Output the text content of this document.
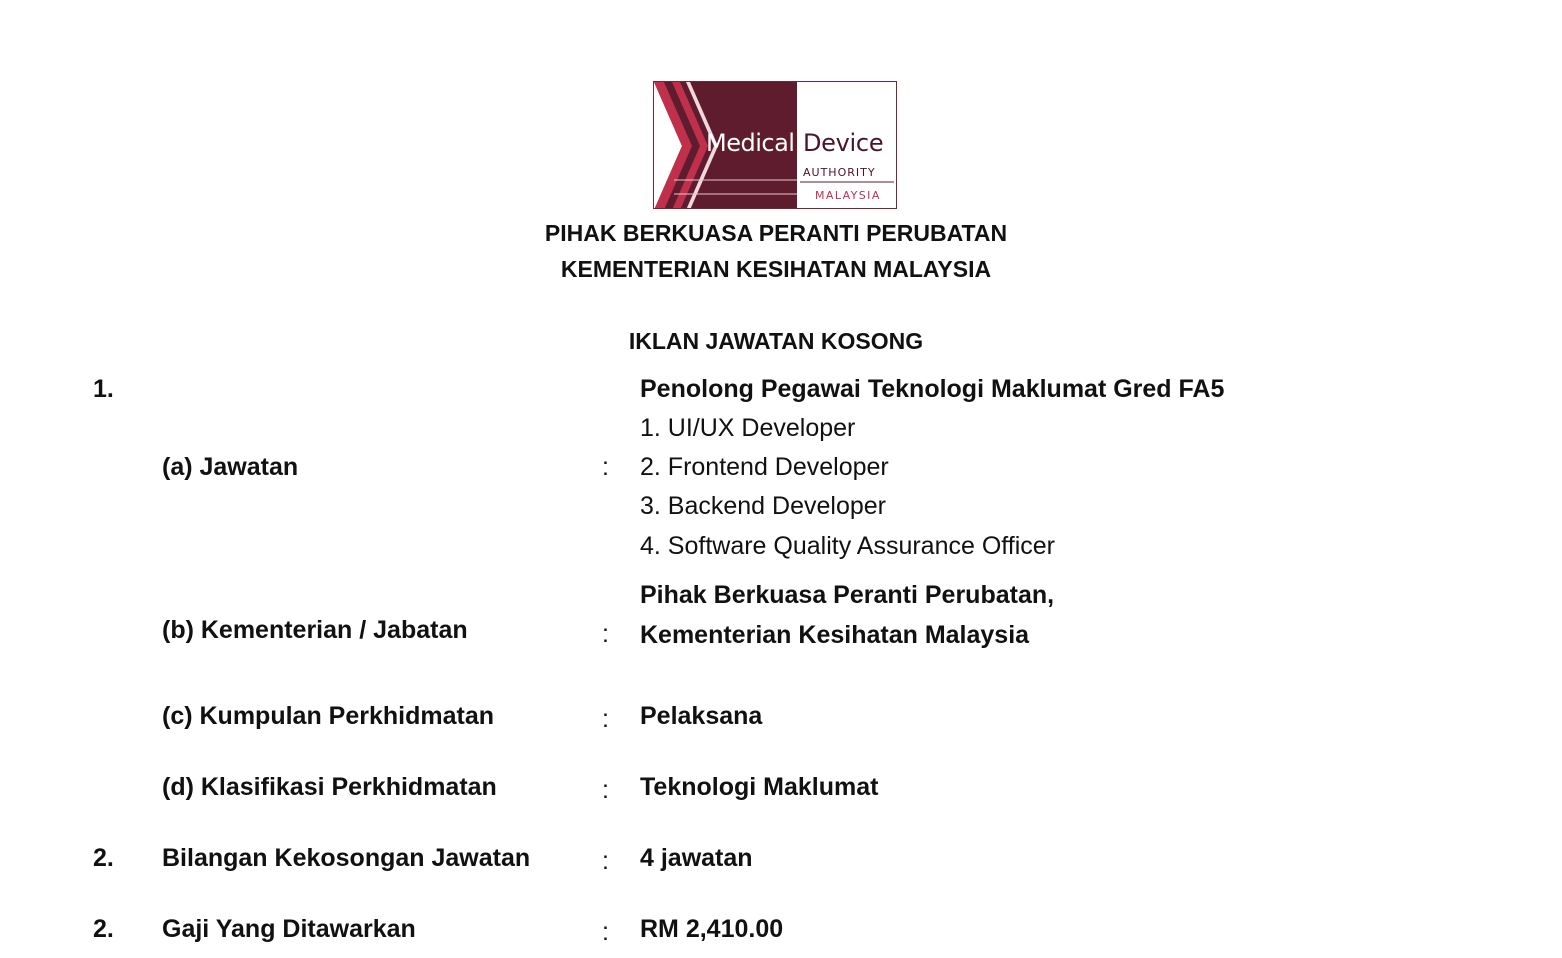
Medical Device
AUTHORITY
MALAYSIA
PIHAK BERKUASA PERANTI PERUBATAN
KEMENTERIAN KESIHATAN MALAYSIA
IKLAN JAWATAN KOSONG
1.	Penolong Pegawai Teknologi Maklumat Gred FA5
1. UI/UX Developer
(a) Jawatan	: 2. Frontend Developer
3. Backend Developer
4. Software Quality Assurance Officer
Pihak Berkuasa Peranti Perubatan,
(b) Kementerian / Jabatan	: Kementerian Kesihatan Malaysia
(c) Kumpulan Perkhidmatan	: Pelaksana
(d) Klasifikasi Perkhidmatan	: Teknologi Maklumat
2. Bilangan Kekosongan Jawatan	: 4 jawatan
2. Gaji Yang Ditawarkan	: RM 2,410.00
